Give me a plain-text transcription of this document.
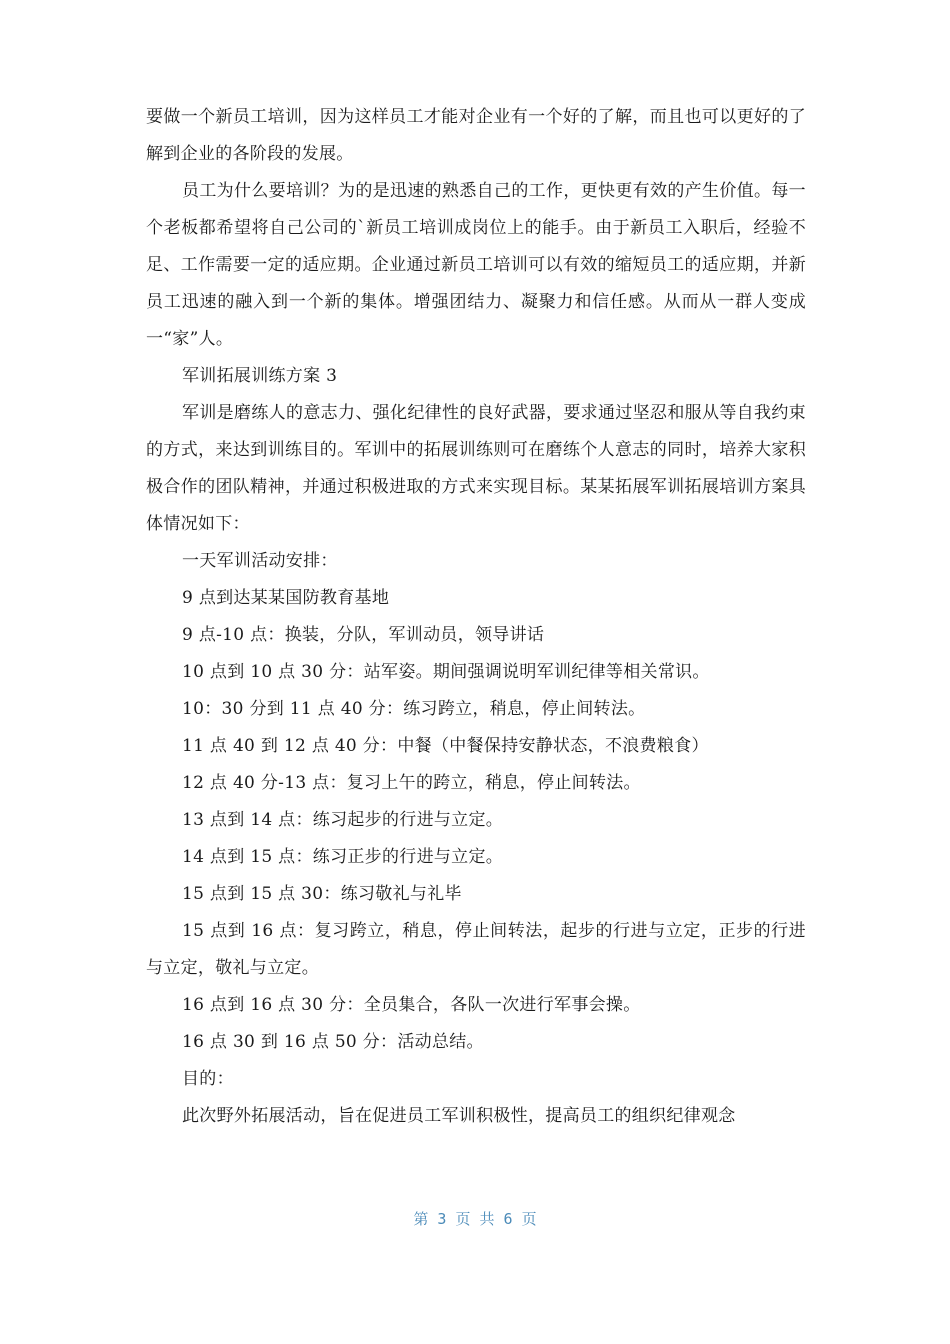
要做一个新员工培训，因为这样员工才能对企业有一个好的了解，而且也可以更好的了解到企业的各阶段的发展。

员工为什么要培训？为的是迅速的熟悉自己的工作，更快更有效的产生价值。每一个老板都希望将自己公司的`新员工培训成岗位上的能手。由于新员工入职后，经验不足、工作需要一定的适应期。企业通过新员工培训可以有效的缩短员工的适应期，并新员工迅速的融入到一个新的集体。增强团结力、凝聚力和信任感。从而从一群人变成一“家”人。

军训拓展训练方案 3

军训是磨练人的意志力、强化纪律性的良好武器，要求通过坚忍和服从等自我约束的方式，来达到训练目的。军训中的拓展训练则可在磨练个人意志的同时，培养大家积极合作的团队精神，并通过积极进取的方式来实现目标。某某拓展军训拓展培训方案具体情况如下：

一天军训活动安排：

9 点到达某某国防教育基地

9 点-10 点：换装，分队，军训动员，领导讲话

10 点到 10 点 30 分：站军姿。期间强调说明军训纪律等相关常识。

10：30 分到 11 点 40 分：练习跨立，稍息，停止间转法。

11 点 40 到 12 点 40 分：中餐（中餐保持安静状态，不浪费粮食）

12 点 40 分-13 点：复习上午的跨立，稍息，停止间转法。

13 点到 14 点：练习起步的行进与立定。

14 点到 15 点：练习正步的行进与立定。

15 点到 15 点 30：练习敬礼与礼毕

15 点到 16 点：复习跨立，稍息，停止间转法，起步的行进与立定，正步的行进与立定，敬礼与立定。

16 点到 16 点 30 分：全员集合，各队一次进行军事会操。

16 点 30 到 16 点 50 分：活动总结。

目的：

此次野外拓展活动，旨在促进员工军训积极性，提高员工的组织纪律观念

第 3 页 共 6 页
